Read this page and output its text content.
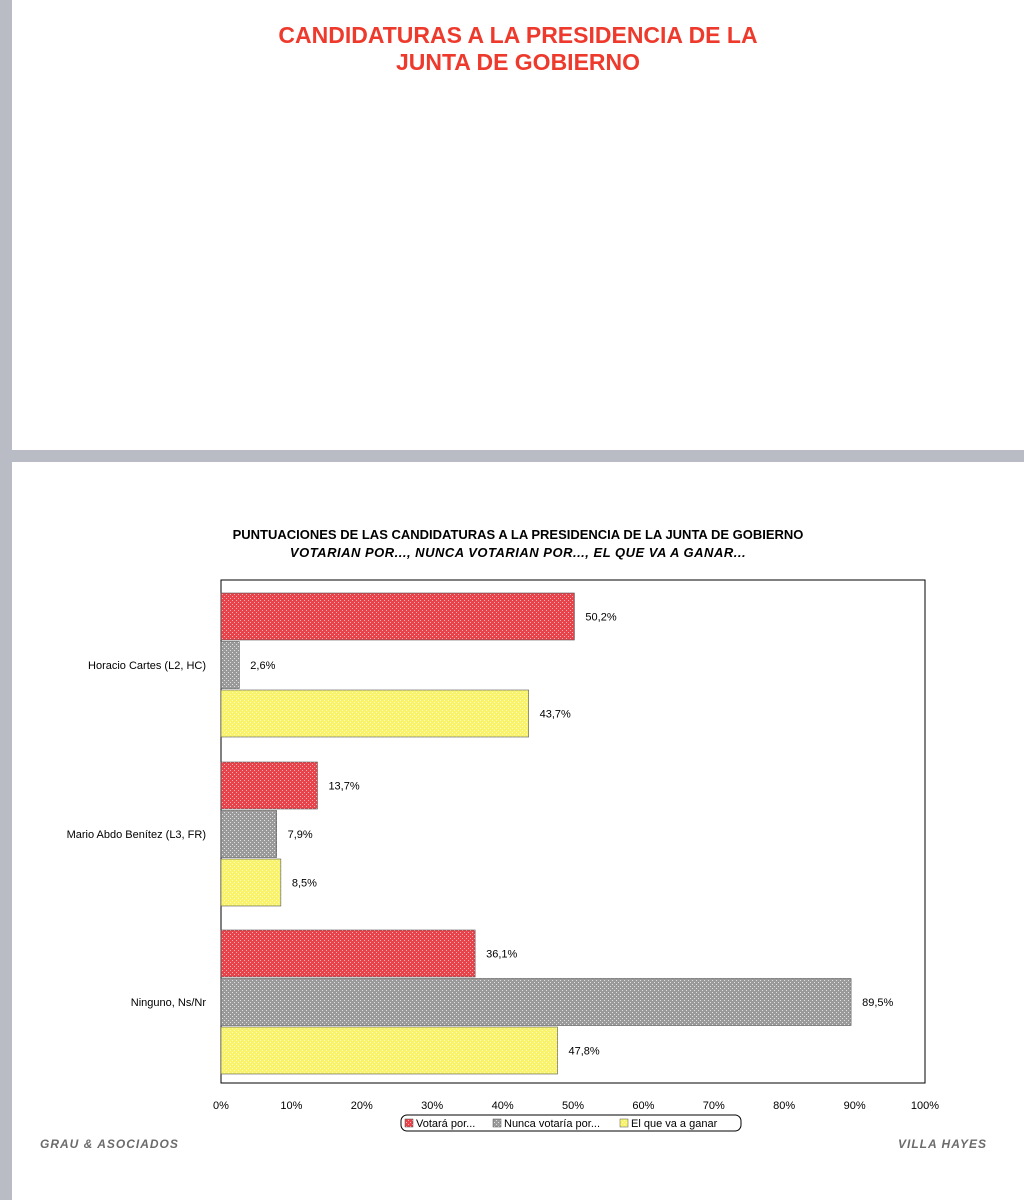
CANDIDATURAS A LA PRESIDENCIA DE LA
JUNTA DE GOBIERNO
PUNTUACIONES DE LAS CANDIDATURAS A LA PRESIDENCIA DE LA JUNTA DE GOBIERNO
VOTARIAN POR..., NUNCA VOTARIAN POR..., EL QUE VA A GANAR...
Horacio Cartes (L2, HC)
50,2%
2,6%
43,7%
Mario Abdo Benítez (L3, FR)
13,7%
7,9%
8,5%
Ninguno, Ns/Nr
36,1%
89,5%
47,8%
0%	10%	20%	30%	40%	50%	60%	70%	80%	90%	100%
Votará por...	Nunca votaría por...	El que va a ganar
GRAU & ASOCIADOS	VILLA HAYES
